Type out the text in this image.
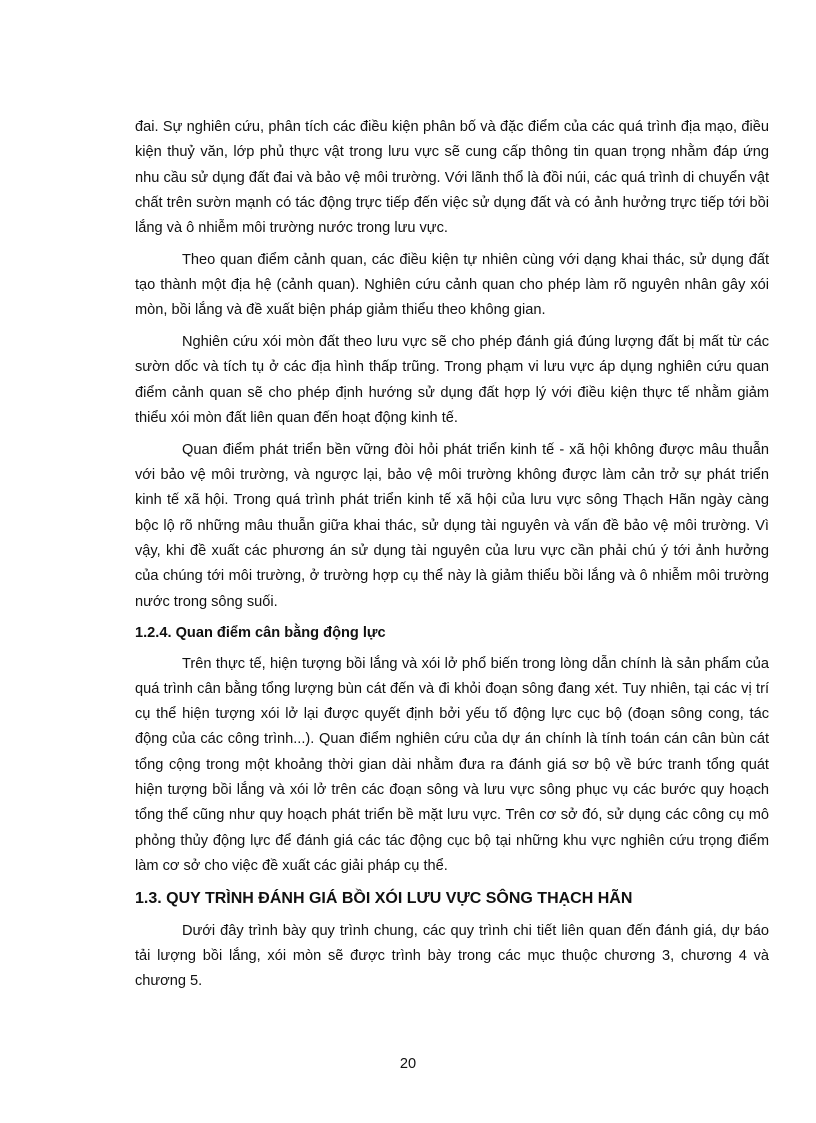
đai. Sự nghiên cứu, phân tích các điều kiện phân bố và đặc điểm của các quá trình địa mạo, điều kiện thuỷ văn, lớp phủ thực vật trong lưu vực sẽ cung cấp thông tin quan trọng nhằm đáp ứng nhu cầu sử dụng đất đai và bảo vệ môi trường. Với lãnh thổ là đồi núi, các quá trình di chuyển vật chất trên sườn mạnh có tác động trực tiếp đến việc sử dụng đất và có ảnh hưởng trực tiếp tới bồi lắng và ô nhiễm môi trường nước trong lưu vực.

Theo quan điểm cảnh quan, các điều kiện tự nhiên cùng với dạng khai thác, sử dụng đất tạo thành một địa hệ (cảnh quan). Nghiên cứu cảnh quan cho phép làm rõ nguyên nhân gây xói mòn, bồi lắng và đề xuất biện pháp giảm thiểu theo không gian.

Nghiên cứu xói mòn đất theo lưu vực sẽ cho phép đánh giá đúng lượng đất bị mất từ các sườn dốc và tích tụ ở các địa hình thấp trũng. Trong phạm vi lưu vực áp dụng nghiên cứu quan điểm cảnh quan sẽ cho phép định hướng sử dụng đất hợp lý với điều kiện thực tế nhằm giảm thiểu xói mòn đất liên quan đến hoạt động kinh tế.

Quan điểm phát triển bền vững đòi hỏi phát triển kinh tế - xã hội không được mâu thuẫn với bảo vệ môi trường, và ngược lại, bảo vệ môi trường không được làm cản trở sự phát triển kinh tế xã hội. Trong quá trình phát triển kinh tế xã hội của lưu vực sông Thạch Hãn ngày càng bộc lộ rõ những mâu thuẫn giữa khai thác, sử dụng tài nguyên và vấn đề bảo vệ môi trường. Vì vậy, khi đề xuất các phương án sử dụng tài nguyên của lưu vực cần phải chú ý tới ảnh hưởng của chúng tới môi trường, ở trường hợp cụ thể này là giảm thiểu bồi lắng và ô nhiễm môi trường nước trong sông suối.

1.2.4. Quan điểm cân bằng động lực

Trên thực tế, hiện tượng bồi lắng và xói lở phổ biến trong lòng dẫn chính là sản phẩm của quá trình cân bằng tổng lượng bùn cát đến và đi khỏi đoạn sông đang xét. Tuy nhiên, tại các vị trí cụ thể hiện tượng xói lở lại được quyết định bởi yếu tố động lực cục bộ (đoạn sông cong, tác động của các công trình...). Quan điểm nghiên cứu của dự án chính là tính toán cán cân bùn cát tổng cộng trong một khoảng thời gian dài nhằm đưa ra đánh giá sơ bộ về bức tranh tổng quát hiện tượng bồi lắng và xói lở trên các đoạn sông và lưu vực sông phục vụ các bước quy hoạch tổng thể cũng như quy hoạch phát triển bề mặt lưu vực. Trên cơ sở đó, sử dụng các công cụ mô phỏng thủy động lực để đánh giá các tác động cục bộ tại những khu vực nghiên cứu trọng điểm làm cơ sở cho việc đề xuất các giải pháp cụ thể.

1.3. QUY TRÌNH ĐÁNH GIÁ BỒI XÓI LƯU VỰC SÔNG THẠCH HÃN

Dưới đây trình bày quy trình chung, các quy trình chi tiết liên quan đến đánh giá, dự báo tải lượng bồi lắng, xói mòn sẽ được trình bày trong các mục thuộc chương 3, chương 4 và chương 5.

20
